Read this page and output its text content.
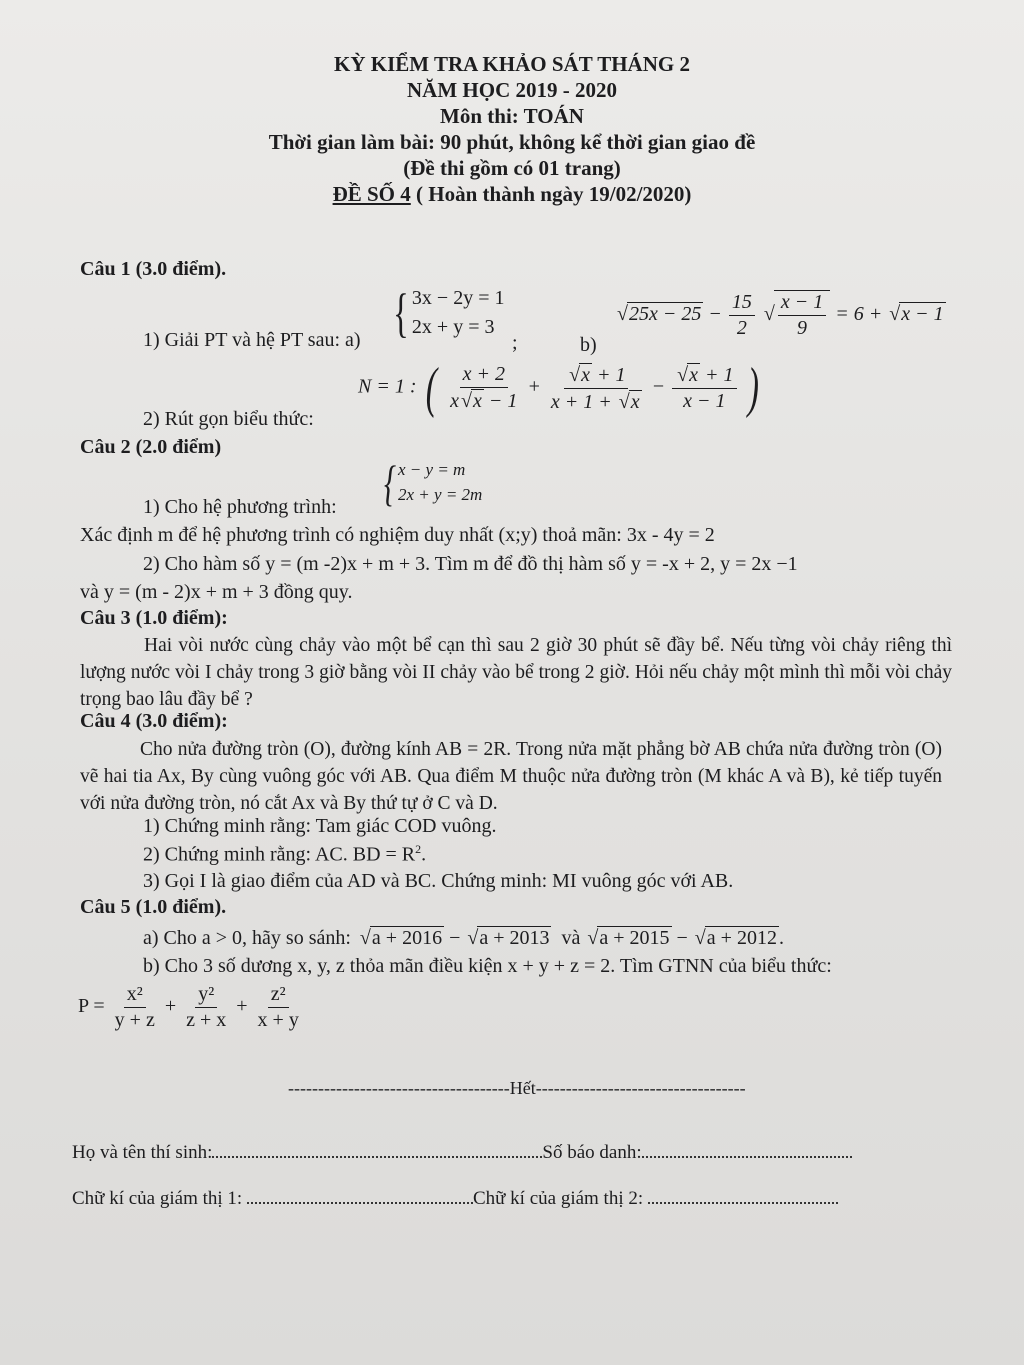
KỲ KIỂM TRA KHẢO SÁT THÁNG 2
NĂM HỌC 2019 - 2020
Môn thi: TOÁN
Thời gian làm bài: 90 phút, không kể thời gian giao đề
(Đề thi gồm có 01 trang)
ĐỀ SỐ 4 ( Hoàn thành ngày 19/02/2020)
Câu 1 (3.0 điểm).
1) Giải PT và hệ PT sau: a) { 3x − 2y = 1
2x + y = 3
;	b)
√ $25x - 25 - \frac{15}{2}$
√ $\frac{x - 1}{9} = 6$ + √ x − 1
2) Rút gọn biểu thức:
N = 1 : ( $\frac{x + 2}{x √ x - 1}$ + √ $\frac{x + 1}{x + 1 + √ x}$ − √ $\frac{x + 1}{x - 1}$ )
Câu 2 (2.0 điểm)
1) Cho hệ phương trình: { x − y = m
2x + y = 2m
Xác định m để hệ phương trình có nghiệm duy nhất (x;y) thoả mãn: 3x - 4y = 2
2) Cho hàm số y = (m -2)x + m + 3. Tìm m để đồ thị hàm số y = -x + 2, y = 2x −1
và y = (m - 2)x + m + 3 đồng quy.
Câu 3 (1.0 điểm):
Hai vòi nước cùng chảy vào một bể cạn thì sau 2 giờ 30 phút sẽ đầy bể. Nếu từng vòi chảy riêng thì lượng nước vòi I chảy trong 3 giờ bằng vòi II chảy vào bể trong 2 giờ. Hỏi nếu chảy một mình thì mỗi vòi chảy trọng bao lâu đầy bể ?
Câu 4 (3.0 điểm):
Cho nửa đường tròn (O), đường kính AB = 2R. Trong nửa mặt phẳng bờ AB chứa nửa đường tròn (O) vẽ hai tia Ax, By cùng vuông góc với AB. Qua điểm M thuộc nửa đường tròn (M khác A và B), kẻ tiếp tuyến với nửa đường tròn, nó cắt Ax và By thứ tự ở C và D.
1) Chứng minh rằng: Tam giác COD vuông.
2) Chứng minh rằng: AC. BD = $R^2$.
3) Gọi I là giao điểm của AD và BC. Chứng minh: MI vuông góc với AB.
Câu 5 (1.0 điểm).
a) Cho a > 0, hãy so sánh: √ a + 2016 − √ a + 2013 và √ a + 2015 − √ a + 2012 .
b) Cho 3 số dương x, y, z thỏa mãn điều kiện x + y + z = 2. Tìm GTNN của biểu thức:
$P = \frac{\text{x²}}{y + z} + \frac{\text{y²}}{z + x} + \frac{\text{z²}}{x + y}$
-------------------------------------Hết-----------------------------------
Họ và tên thí sinh:	Số báo danh:
Chữ kí của giám thị 1:	Chữ kí của giám thị 2:
